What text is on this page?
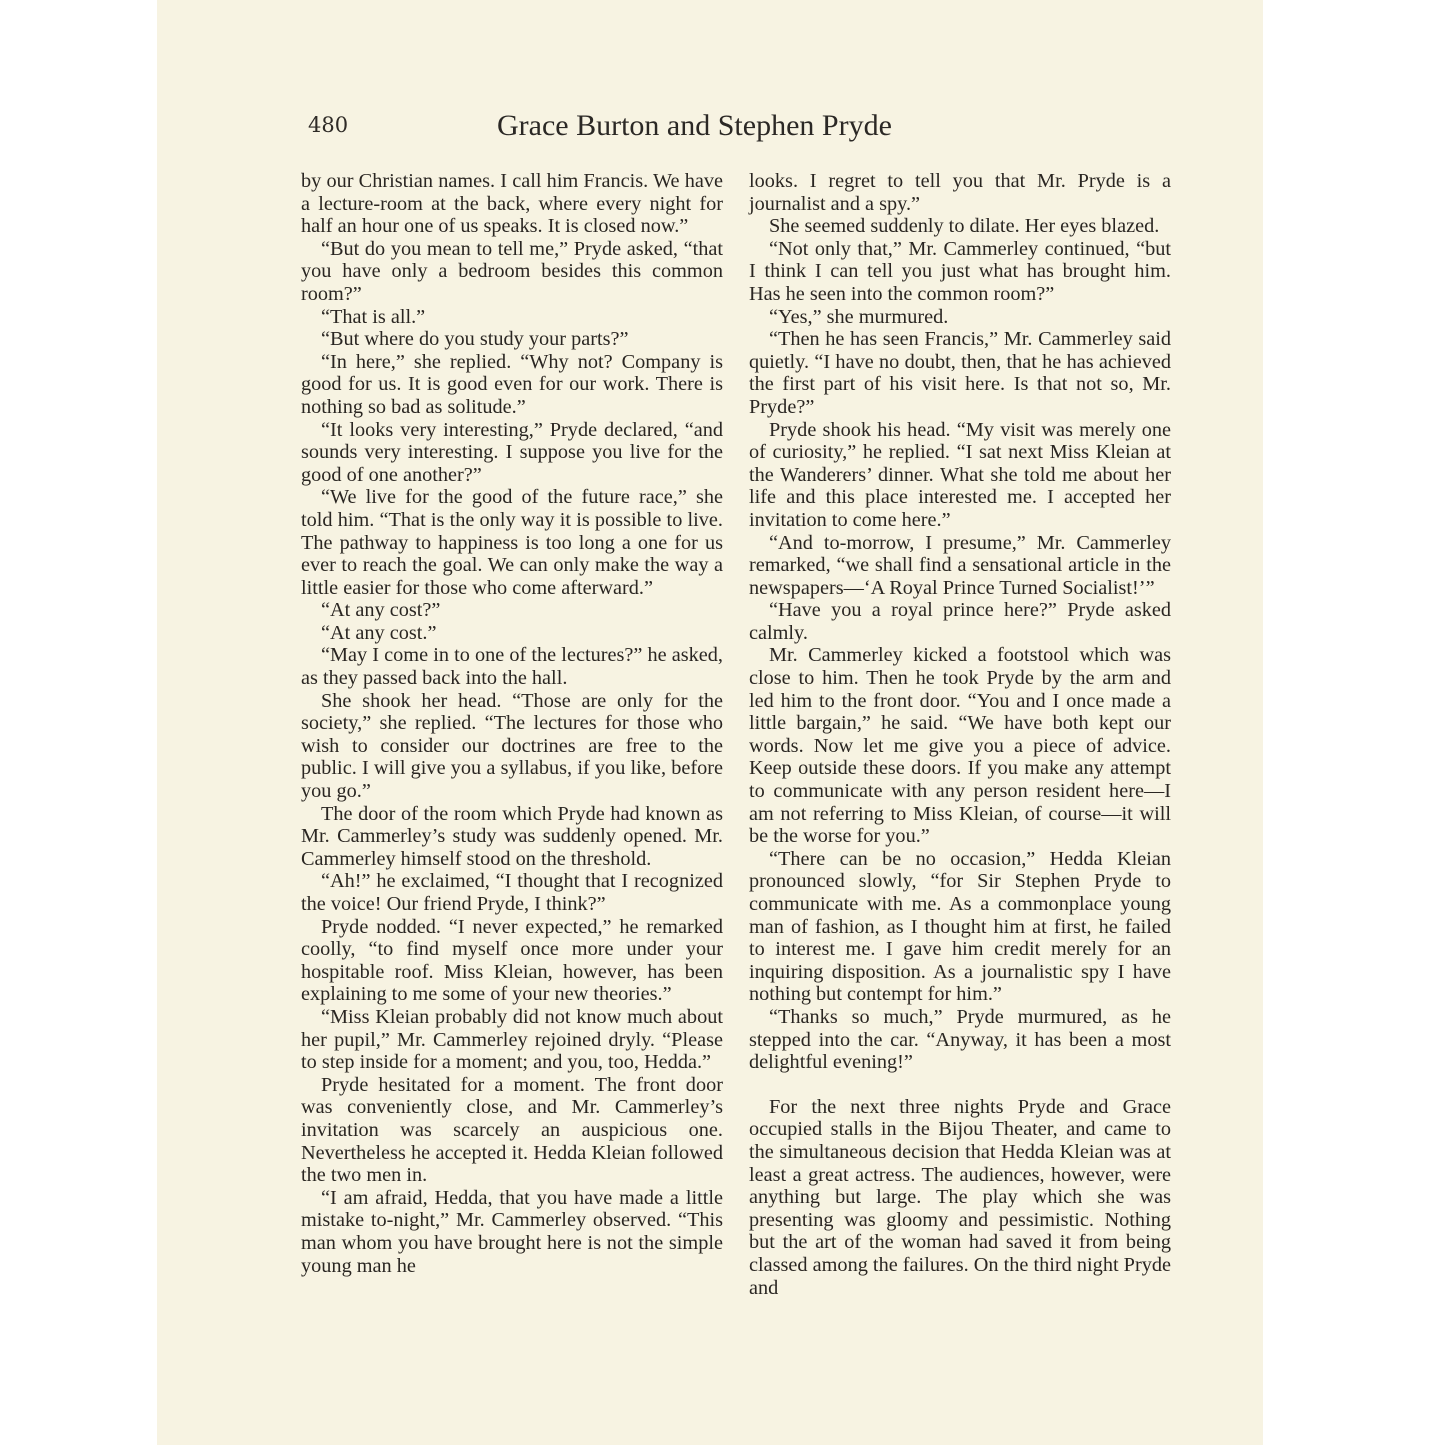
480	Grace Burton and Stephen Pryde

by our Christian names. I call him Francis. We have a lecture-room at the back, where every night for half an hour one of us speaks. It is closed now.”

“But do you mean to tell me,” Pryde asked, “that you have only a bedroom besides this common room?”

“That is all.”

“But where do you study your parts?”

“In here,” she replied. “Why not? Company is good for us. It is good even for our work. There is nothing so bad as solitude.”

“It looks very interesting,” Pryde declared, “and sounds very interesting. I suppose you live for the good of one another?”

“We live for the good of the future race,” she told him. “That is the only way it is possible to live. The pathway to happiness is too long a one for us ever to reach the goal. We can only make the way a little easier for those who come afterward.”

“At any cost?”

“At any cost.”

“May I come in to one of the lectures?” he asked, as they passed back into the hall.

She shook her head. “Those are only for the society,” she replied. “The lectures for those who wish to consider our doctrines are free to the public. I will give you a syllabus, if you like, before you go.”

The door of the room which Pryde had known as Mr. Cammerley’s study was suddenly opened. Mr. Cammerley himself stood on the threshold.

“Ah!” he exclaimed, “I thought that I recognized the voice! Our friend Pryde, I think?”

Pryde nodded. “I never expected,” he remarked coolly, “to find myself once more under your hospitable roof. Miss Kleian, however, has been explaining to me some of your new theories.”

“Miss Kleian probably did not know much about her pupil,” Mr. Cammerley rejoined dryly. “Please to step inside for a moment; and you, too, Hedda.”

Pryde hesitated for a moment. The front door was conveniently close, and Mr. Cammerley’s invitation was scarcely an auspicious one. Nevertheless he accepted it. Hedda Kleian followed the two men in.

“I am afraid, Hedda, that you have made a little mistake to-night,” Mr. Cammerley observed. “This man whom you have brought here is not the simple young man he

looks. I regret to tell you that Mr. Pryde is a journalist and a spy.”

She seemed suddenly to dilate. Her eyes blazed.

“Not only that,” Mr. Cammerley continued, “but I think I can tell you just what has brought him. Has he seen into the common room?”

“Yes,” she murmured.

“Then he has seen Francis,” Mr. Cammerley said quietly. “I have no doubt, then, that he has achieved the first part of his visit here. Is that not so, Mr. Pryde?”

Pryde shook his head. “My visit was merely one of curiosity,” he replied. “I sat next Miss Kleian at the Wanderers’ dinner. What she told me about her life and this place interested me. I accepted her invitation to come here.”

“And to-morrow, I presume,” Mr. Cammerley remarked, “we shall find a sensational article in the newspapers—‘A Royal Prince Turned Socialist!’”

“Have you a royal prince here?” Pryde asked calmly.

Mr. Cammerley kicked a footstool which was close to him. Then he took Pryde by the arm and led him to the front door. “You and I once made a little bargain,” he said. “We have both kept our words. Now let me give you a piece of advice. Keep outside these doors. If you make any attempt to communicate with any person resident here—I am not referring to Miss Kleian, of course—it will be the worse for you.”

“There can be no occasion,” Hedda Kleian pronounced slowly, “for Sir Stephen Pryde to communicate with me. As a commonplace young man of fashion, as I thought him at first, he failed to interest me. I gave him credit merely for an inquiring disposition. As a journalistic spy I have nothing but contempt for him.”

“Thanks so much,” Pryde murmured, as he stepped into the car. “Anyway, it has been a most delightful evening!”

For the next three nights Pryde and Grace occupied stalls in the Bijou Theater, and came to the simultaneous decision that Hedda Kleian was at least a great actress. The audiences, however, were anything but large. The play which she was presenting was gloomy and pessimistic. Nothing but the art of the woman had saved it from being classed among the failures. On the third night Pryde and
